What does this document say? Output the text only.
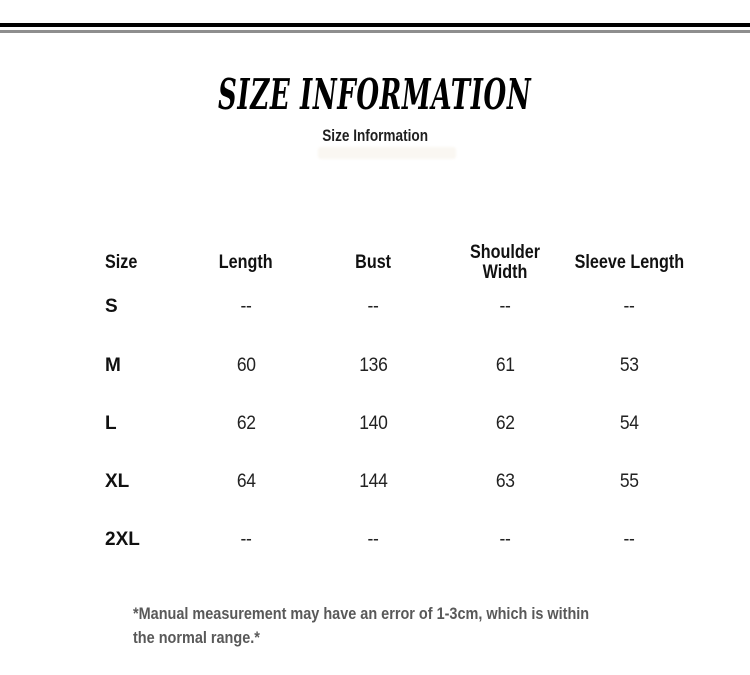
SIZE INFORMATION
Size Information
Size	Length	Bust	Shoulder Width	Sleeve Length
S	--	--	--	--
M	60	136	61	53
L	62	140	62	54
XL	64	144	63	55
2XL	--	--	--	--
*Manual measurement may have an error of 1-3cm, which is within
the normal range.*
